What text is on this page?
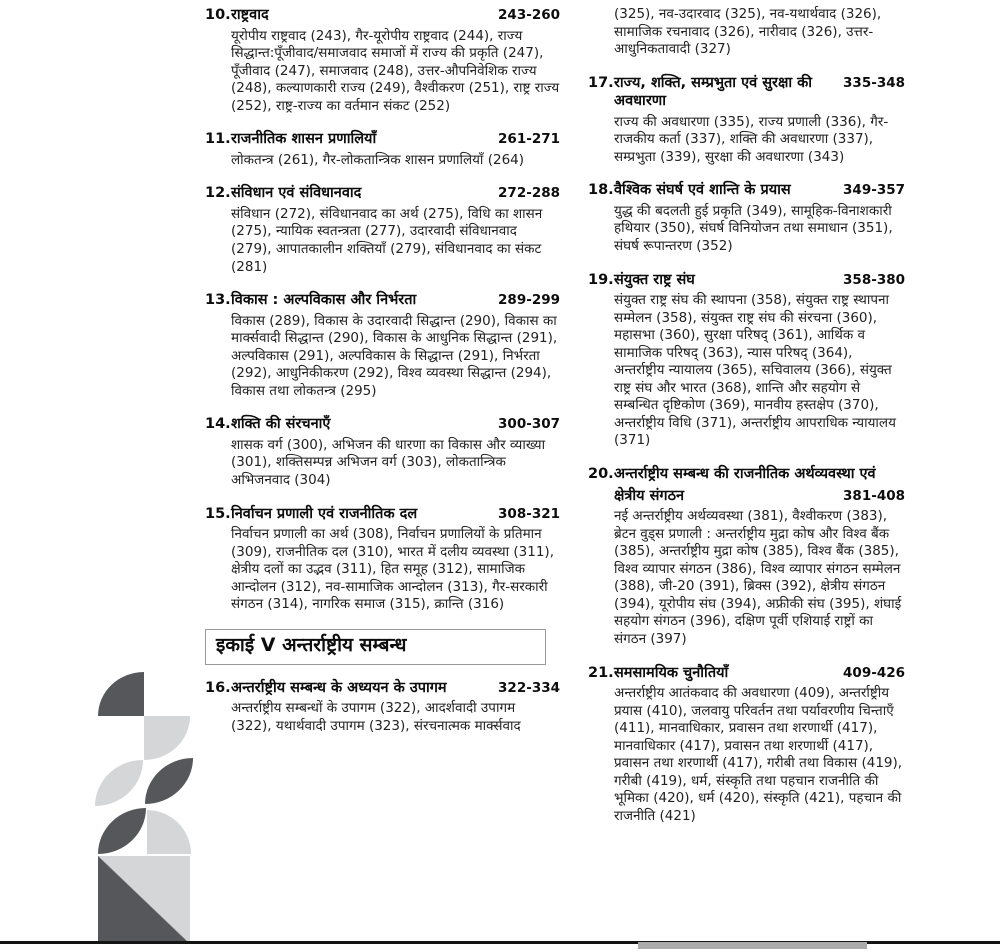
10. राष्ट्रवाद	243-260
यूरोपीय राष्ट्रवाद (243), गैर-यूरोपीय राष्ट्रवाद (244), राज्य सिद्धान्त:पूँजीवाद/समाजवाद समाजों में राज्य की प्रकृति (247), पूँजीवाद (247), समाजवाद (248), उत्तर-औपनिवेशिक राज्य (248), कल्याणकारी राज्य (249), वैश्वीकरण (251), राष्ट्र राज्य (252), राष्ट्र-राज्य का वर्तमान संकट (252)
11. राजनीतिक शासन प्रणालियाँ	261-271
लोकतन्त्र (261), गैर-लोकतान्त्रिक शासन प्रणालियाँ (264)
12. संविधान एवं संविधानवाद	272-288
संविधान (272), संविधानवाद का अर्थ (275), विधि का शासन (275), न्यायिक स्वतन्त्रता (277), उदारवादी संविधानवाद (279), आपातकालीन शक्तियाँ (279), संविधानवाद का संकट (281)
13. विकास : अल्पविकास और निर्भरता	289-299
विकास (289), विकास के उदारवादी सिद्धान्त (290), विकास का मार्क्सवादी सिद्धान्त (290), विकास के आधुनिक सिद्धान्त (291), अल्पविकास (291), अल्पविकास के सिद्धान्त (291), निर्भरता (292), आधुनिकीकरण (292), विश्व व्यवस्था सिद्धान्त (294), विकास तथा लोकतन्त्र (295)
14. शक्ति की संरचनाएँ	300-307
शासक वर्ग (300), अभिजन की धारणा का विकास और व्याख्या (301), शक्तिसम्पन्न अभिजन वर्ग (303), लोकतान्त्रिक अभिजनवाद (304)
15. निर्वाचन प्रणाली एवं राजनीतिक दल	308-321
निर्वाचन प्रणाली का अर्थ (308), निर्वाचन प्रणालियों के प्रतिमान (309), राजनीतिक दल (310), भारत में दलीय व्यवस्था (311), क्षेत्रीय दलों का उद्भव (311), हित समूह (312), सामाजिक आन्दोलन (312), नव-सामाजिक आन्दोलन (313), गैर-सरकारी संगठन (314), नागरिक समाज (315), क्रान्ति (316)
इकाई V अन्तर्राष्ट्रीय सम्बन्ध
16. अन्तर्राष्ट्रीय सम्बन्ध के अध्ययन के उपागम	322-334
अन्तर्राष्ट्रीय सम्बन्धों के उपागम (322), आदर्शवादी उपागम (322), यथार्थवादी उपागम (323), संरचनात्मक मार्क्सवाद
(325), नव-उदारवाद (325), नव-यथार्थवाद (326), सामाजिक रचनावाद (326), नारीवाद (326), उत्तर-आधुनिकतावादी (327)
17. राज्य, शक्ति, सम्प्रभुता एवं सुरक्षा की अवधारणा
335-348
राज्य की अवधारणा (335), राज्य प्रणाली (336), गैर-राजकीय कर्ता (337), शक्ति की अवधारणा (337), सम्प्रभुता (339), सुरक्षा की अवधारणा (343)
18. वैश्विक संघर्ष एवं शान्ति के प्रयास	349-357
युद्ध की बदलती हुई प्रकृति (349), सामूहिक-विनाशकारी हथियार (350), संघर्ष विनियोजन तथा समाधान (351), संघर्ष रूपान्तरण (352)
19. संयुक्त राष्ट्र संघ	358-380
संयुक्त राष्ट्र संघ की स्थापना (358), संयुक्त राष्ट्र स्थापना सम्मेलन (358), संयुक्त राष्ट्र संघ की संरचना (360), महासभा (360), सुरक्षा परिषद् (361), आर्थिक व सामाजिक परिषद् (363), न्यास परिषद् (364), अन्तर्राष्ट्रीय न्यायालय (365), सचिवालय (366), संयुक्त राष्ट्र संघ और भारत (368), शान्ति और सहयोग से सम्बन्धित दृष्टिकोण (369), मानवीय हस्तक्षेप (370), अन्तर्राष्ट्रीय विधि (371), अन्तर्राष्ट्रीय आपराधिक न्यायालय (371)
20. अन्तर्राष्ट्रीय सम्बन्ध की राजनीतिक अर्थव्यवस्था एवं
क्षेत्रीय संगठन	381-408
नई अन्तर्राष्ट्रीय अर्थव्यवस्था (381), वैश्वीकरण (383), ब्रेटन वुड्स प्रणाली : अन्तर्राष्ट्रीय मुद्रा कोष और विश्व बैंक (385), अन्तर्राष्ट्रीय मुद्रा कोष (385), विश्व बैंक (385), विश्व व्यापार संगठन (386), विश्व व्यापार संगठन सम्मेलन (388), जी-20 (391), ब्रिक्स (392), क्षेत्रीय संगठन (394), यूरोपीय संघ (394), अफ्रीकी संघ (395), शंघाई सहयोग संगठन (396), दक्षिण पूर्वी एशियाई राष्ट्रों का संगठन (397)
21. समसामयिक चुनौतियाँ	409-426
अन्तर्राष्ट्रीय आतंकवाद की अवधारणा (409), अन्तर्राष्ट्रीय प्रयास (410), जलवायु परिवर्तन तथा पर्यावरणीय चिन्ताएँ (411), मानवाधिकार, प्रवासन तथा शरणार्थी (417), मानवाधिकार (417), प्रवासन तथा शरणार्थी (417), प्रवासन तथा शरणार्थी (417), गरीबी तथा विकास (419), गरीबी (419), धर्म, संस्कृति तथा पहचान राजनीति की भूमिका (420), धर्म (420), संस्कृति (421), पहचान की राजनीति (421)
